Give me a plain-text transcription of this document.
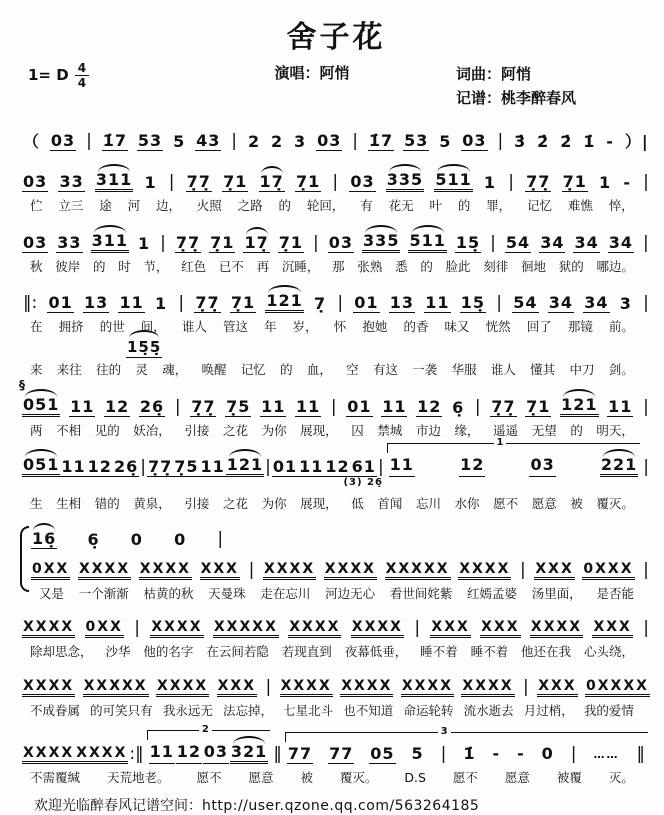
舍子花
1= D $\frac{4}{4}$	演唱：阿悄	词曲：阿悄
记谱：桃李醉春风
（ 03 | 1̇7 53 5 43 | 2 2 3 03 | 1̇7 53 5 03 | 3̇ 2̇ 2̇ 1̇ - ）|
03 33 311 1 | 7̣7̣ 7̣1 17̣ 7̣1 | 03 335 511 1 | 7̣7̣ 7̣1 1 - |
伫 立三 途 河 边， 火照 之路 的 轮回， 有 花无 叶 的 罪， 记忆 难憔 悴，
03 33 311 1 | 7̣7̣ 7̣1 17̣ 7̣1 | 03 335 511 15̣ | 54 34 34 34 |
秋 彼岸 的 时 节， 红色 已不 再 沉睡， 那 张熟 悉 的 脸此 刻徘 徊地 狱的 哪边。
‖: 01 13 11 1 | 7̣7̣ 7̣1 121 7̣ | 01 13 11 15̣ | 54 34 34 3 |
在 拥挤 的世 间， 谁人 管这 年 岁， 怀 抱她 的香 味又 恍然 回了 那镜 前。
15̣5̣
来 来往 往的 灵 魂， 唤醒 记忆 的 血， 空 有这 一袭 华服 谁人 懂其 中刀 剑。
051
§
11 12 26̣ | 7̣7̣ 7̣5 11 11 | 01 11 12 6̣ | 7̣7̣ 7̣1 121 11 |
两 不相 见的 妖冶， 引接 之花 为你 展现， 囚 禁城 市边 缘， 遥遥 无望 的 明天，
051 11 12 26̣ | 7̣7̣ 7̣5 11 121 | 01 11 12 61
(3) 26̣
|
1
11	12	03	221 |
生 生相 错的 黄泉， 引接 之花 为你 展现， 低 首闻 忘川 水你 愿不 愿意 被 覆灭。
16̣ 6̣ 0 0 |
0XX XXXX XXXX XXX | XXXX XXXX XXXXX XXXX | XXX 0XXX |
又是 一个渐渐 枯黄的秋 天曼珠 走在忘川 河边无心 看世间姹紫 红嫣孟婆 汤里面， 是否能
XXXX 0XX | XXXX XXXXX XXXX XXXX | XXX XXX XXXX XXX |
除却思念， 沙华 他的名字 在云间若隐 若现直到 夜幕低垂， 睡不着 睡不着 他还在我 心头绕，
XXXX XXXXX XXXX XXX | XXXX XXXX XXXX XXXX | XXX 0XXXX
不成眷属 的可笑只有 我永远无 法忘掉， 七星北斗 也不知道 命运轮转 流水逝去 月过梢， 我的爱情
XXXX XXXX :‖
2
11 12 03 321 ‖
3
77 77 05 5 | 1̇ - - 0 | …… ‖
不需覆缄 天荒地老。 愿不 愿意 被 覆灭。 D.S 愿不 愿意 被覆 灭。
欢迎光临醉春风记谱空间：http://user.qzone.qq.com/563264185
